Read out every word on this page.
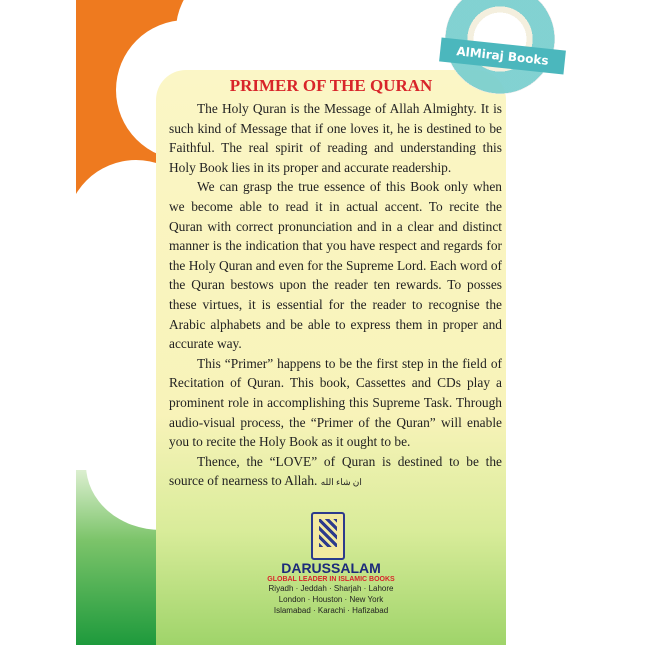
PRIMER OF THE QURAN

The Holy Quran is the Message of Allah Almighty. It is such kind of Message that if one loves it, he is destined to be Faithful. The real spirit of reading and understanding this Holy Book lies in its proper and accurate readership.

We can grasp the true essence of this Book only when we become able to read it in actual accent. To recite the Quran with correct pronunciation and in a clear and distinct manner is the indication that you have respect and regards for the Holy Quran and even for the Supreme Lord. Each word of the Quran bestows upon the reader ten rewards. To posses these virtues, it is essential for the reader to recognise the Arabic alphabets and be able to express them in proper and accurate way.

This “Primer” happens to be the first step in the field of Recitation of Quran. This book, Cassettes and CDs play a prominent role in accomplishing this Supreme Task. Through audio-visual process, the “Primer of the Quran” will enable you to recite the Holy Book as it ought to be.

Thence, the “LOVE” of Quran is destined to be the source of nearness to Allah. ان شاء الله

DARUSSALAM
GLOBAL LEADER IN ISLAMIC BOOKS
Riyadh · Jeddah · Sharjah · Lahore
London · Houston · New York
Islamabad · Karachi · Hafizabad
AlMiraj Books
